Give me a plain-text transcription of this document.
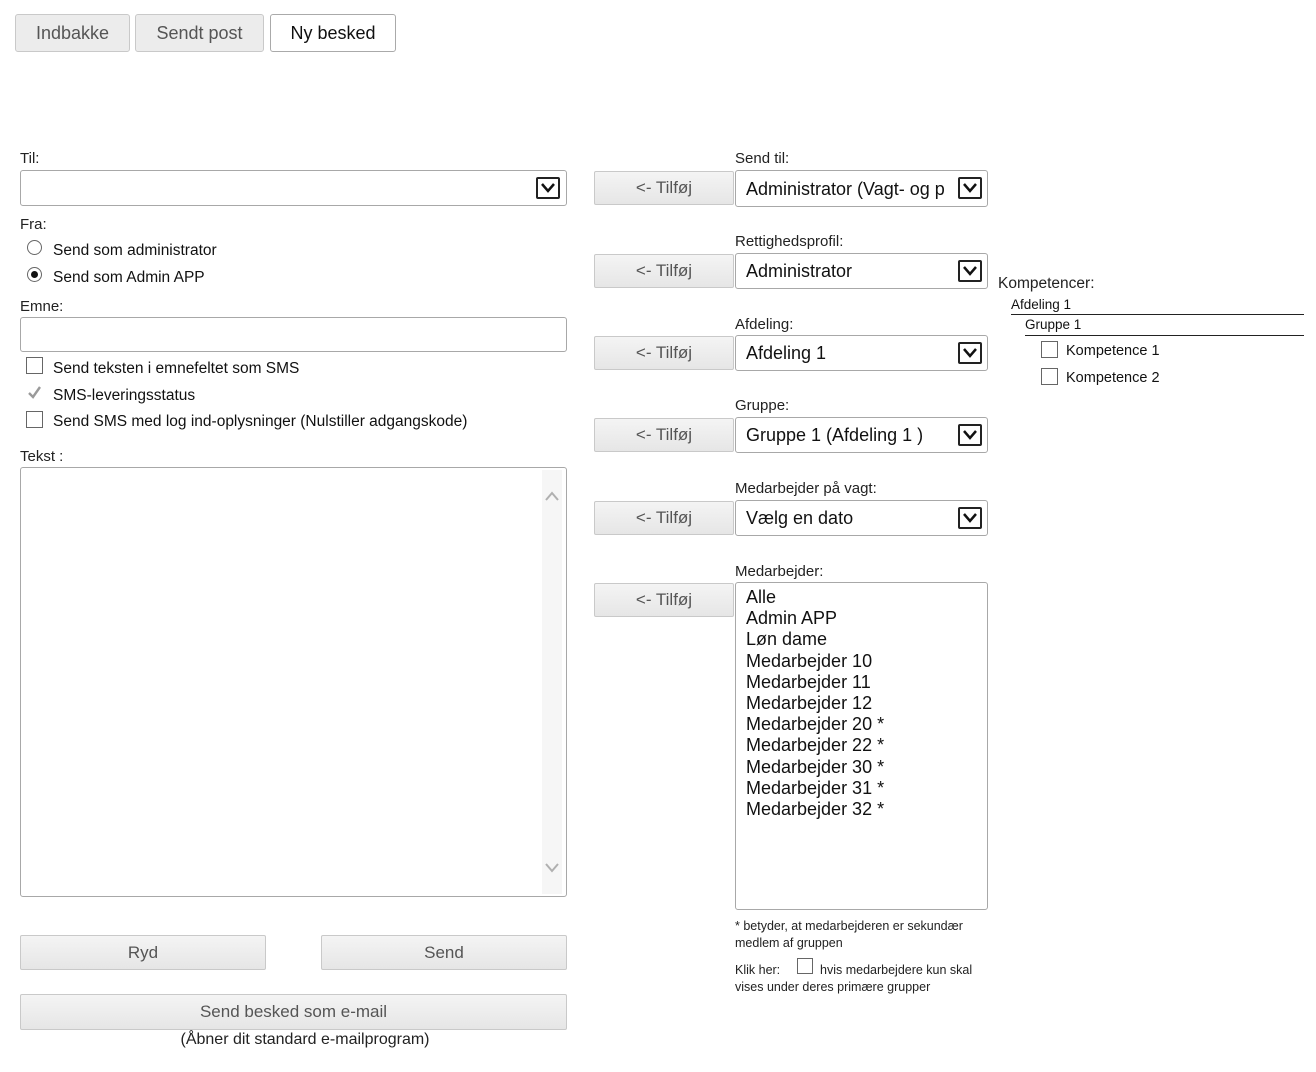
Indbakke	Sendt post	Ny besked
Til:
Fra:
Send som administrator
Send som Admin APP
Emne:
Send teksten i emnefeltet som SMS
SMS-leveringsstatus
Send SMS med log ind-oplysninger (Nulstiller adgangskode)
Tekst :
Ryd	Send
Send besked som e-mail
(Åbner dit standard e-mailprogram)
<- Tilføj
<- Tilføj
<- Tilføj
<- Tilføj
<- Tilføj
<- Tilføj
Send til:
Administrator (Vagt- og p
Rettighedsprofil:
Administrator
Afdeling:
Afdeling 1
Gruppe:
Gruppe 1 (Afdeling 1 )
Medarbejder på vagt:
Vælg en dato
Medarbejder:
Alle
Admin APP
Løn dame
Medarbejder 10
Medarbejder 11
Medarbejder 12
Medarbejder 20 *
Medarbejder 22 *
Medarbejder 30 *
Medarbejder 31 *
Medarbejder 32 *
* betyder, at medarbejderen er sekundær medlem af gruppen
Klik her:	hvis medarbejdere kun skal vises under deres primære grupper
Kompetencer:
Afdeling 1
Gruppe 1
Kompetence 1
Kompetence 2
